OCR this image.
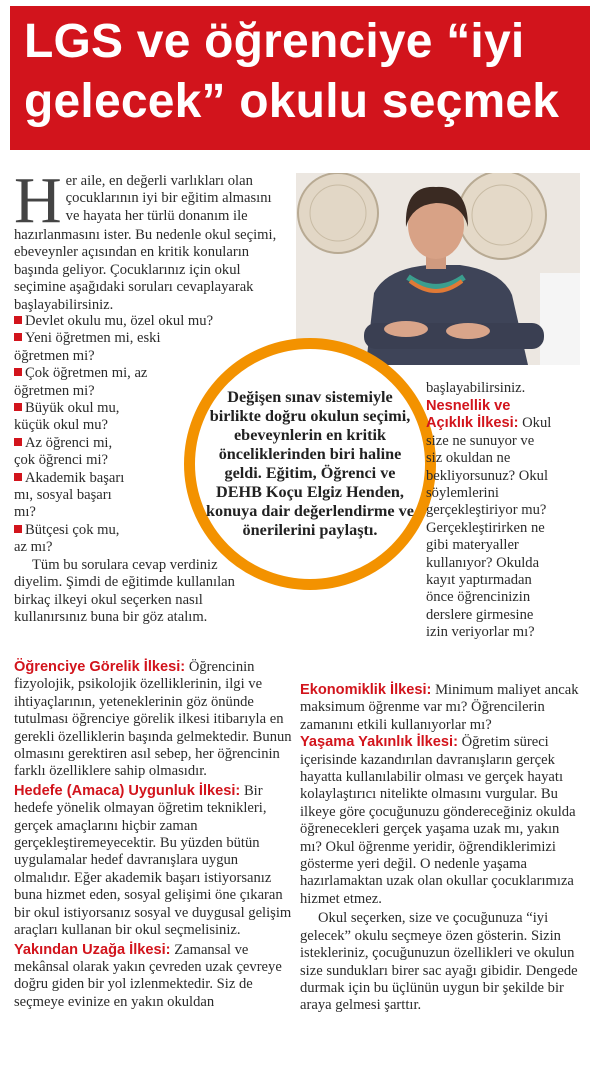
LGS ve öğrenciye “iyi gelecek” okulu seçmek
H er aile, en değerli varlıkları olan

çocuklarının iyi bir eğitim almasını

ve hayata her türlü donanım ile

hazırlanmasını ister. Bu nedenle okul seçimi, ebeveynler açısından en kritik konuların başında geliyor. Çocuklarınız için okul seçimine aşağıdaki soruları cevaplayarak başlayabilirsiniz.

Devlet okulu mu, özel okul mu?

Yeni öğretmen mi, eski öğretmen mi?

Çok öğretmen mi, az öğretmen mi?

Büyük okul mu, küçük okul mu?

Az öğrenci mi, çok öğrenci mi?

Akademik başarı mı, sosyal başarı mı?

Bütçesi çok mu, az mı?

Tüm bu sorulara cevap verdiniz diyelim. Şimdi de eğitimde kullanılan birkaç ilkeyi okul seçerken nasıl kullanırsınız buna bir göz atalım.

Değişen sınav sistemiyle birlikte doğru okulun seçimi, ebeveynlerin en kritik önceliklerinden biri haline geldi. Eğitim, Öğrenci ve DEHB Koçu Elgiz Henden, konuya dair değerlendirme ve önerilerini paylaştı.

Öğrenciye Görelik İlkesi: Öğrencinin fizyolojik, psikolojik özelliklerinin, ilgi ve ihtiyaçlarının, yeteneklerinin göz önünde tutulması öğrenciye görelik ilkesi itibarıyla en gerekli özelliklerin başında gelmektedir. Bunun olmasını gerektiren asıl sebep, her öğrencinin farklı özelliklere sahip olmasıdır.

Hedefe (Amaca) Uygunluk İlkesi: Bir hedefe yönelik olmayan öğretim teknikleri, gerçek amaçlarını hiçbir zaman gerçekleştiremeyecektir. Bu yüzden bütün uygulamalar hedef davranışlara uygun olmalıdır. Eğer akademik başarı istiyorsanız buna hizmet eden, sosyal gelişimi öne çıkaran bir okul istiyorsanız sosyal ve duygusal gelişim araçları kullanan bir okul seçmelisiniz.

Yakından Uzağa İlkesi: Zamansal ve mekânsal olarak yakın çevreden uzak çevreye doğru giden bir yol izlenmektedir. Siz de seçmeye evinize en yakın okuldan

başlayabilirsiniz.

Nesnellik ve Açıklık İlkesi: Okul size ne sunuyor ve siz okuldan ne bekliyorsunuz? Okul söylemlerini gerçekleştiriyor mu? Gerçekleştirirken ne gibi materyaller kullanıyor? Okulda kayıt yaptırmadan önce öğrencinizin derslere girmesine izin veriyorlar mı?

Ekonomiklik İlkesi: Minimum maliyet ancak maksimum öğrenme var mı? Öğrencilerin zamanını etkili kullanıyorlar mı?

Yaşama Yakınlık İlkesi: Öğretim süreci içerisinde kazandırılan davranışların gerçek hayatta kullanılabilir olması ve gerçek hayatı kolaylaştırıcı nitelikte olmasını vurgular. Bu ilkeye göre çocuğunuzu göndereceğiniz okulda öğrenecekleri gerçek yaşama uzak mı, yakın mı? Okul öğrenme yeridir, öğrendiklerimizi gösterme yeri değil. O nedenle yaşama hazırlamaktan uzak olan okullar çocuklarımıza hizmet etmez.

Okul seçerken, size ve çocuğunuza “iyi gelecek” okulu seçmeye özen gösterin. Sizin istekleriniz, çocuğunuzun özellikleri ve okulun size sundukları birer sac ayağı gibidir. Dengede durmak için bu üçlünün uygun bir şekilde bir araya gelmesi şarttır.
